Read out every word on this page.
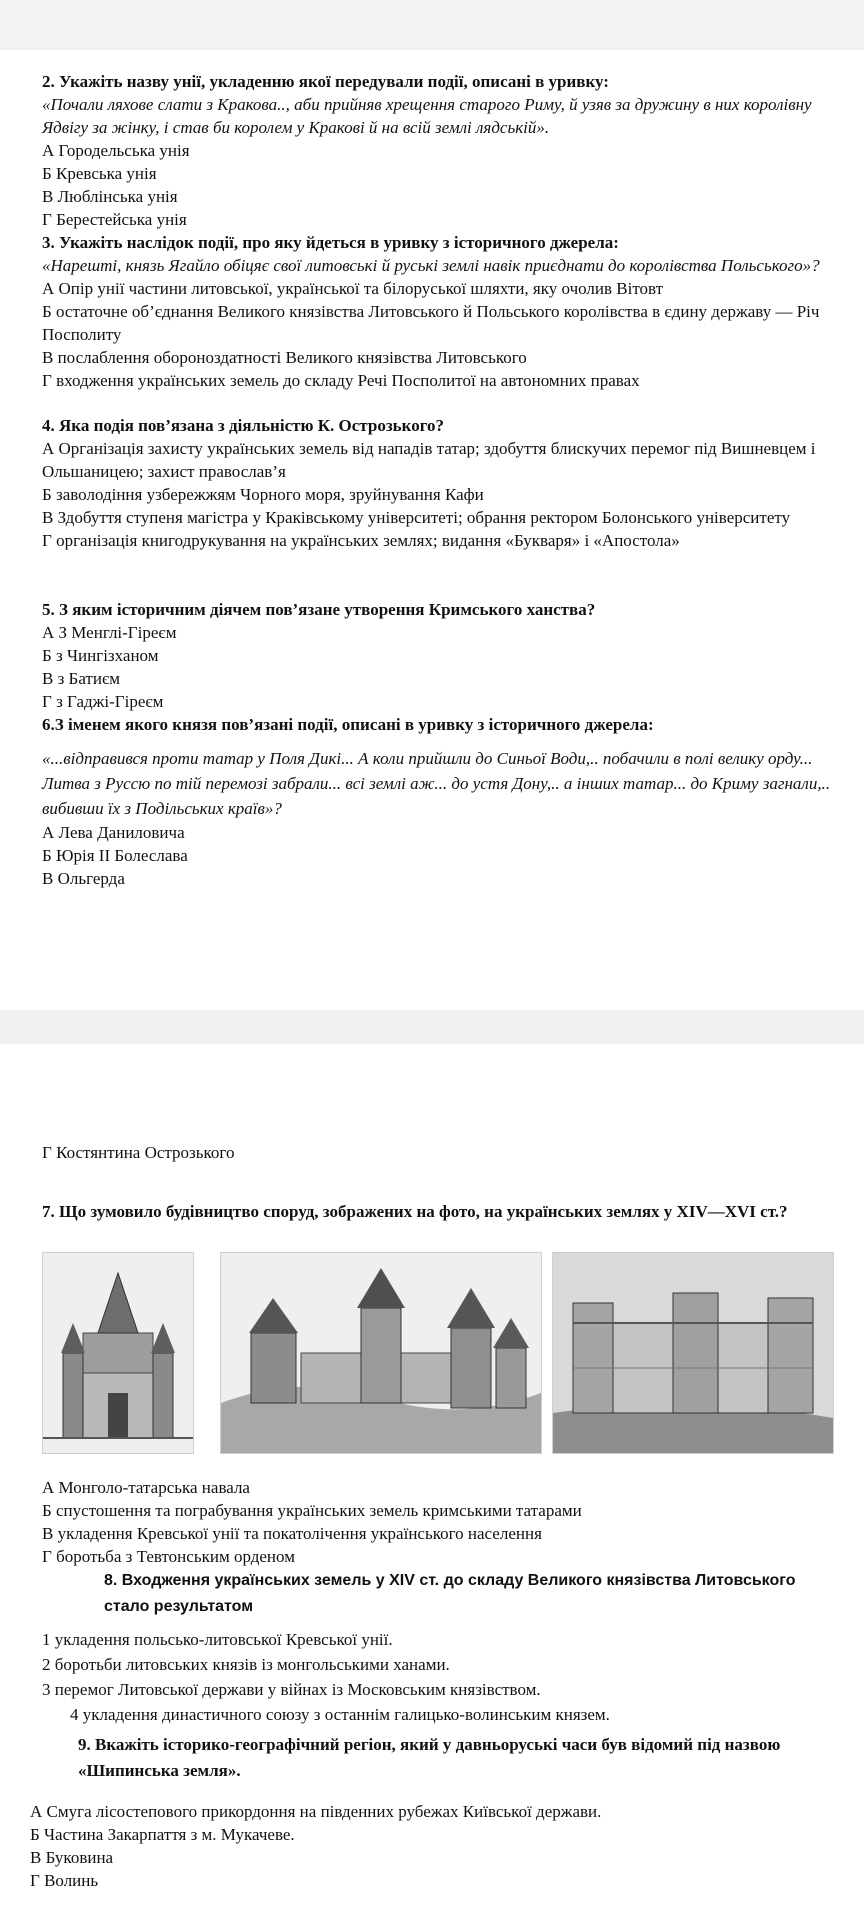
2. Укажіть назву унії, укладенню якої передували події, описані в уривку:
«Почали ляхове слати з Кракова.., аби прийняв хрещення старого Риму, й узяв за дружину в них королівну Ядвігу за жінку, і став би королем у Кракові й на всій землі лядській».
А Городельська унія
Б Кревська унія
В Люблінська унія
Г Берестейська унія
3. Укажіть наслідок події, про яку йдеться в уривку з історичного джерела:
«Нарешті, князь Ягайло обіцяє свої литовські й руські землі навік приєднати до королівства Польського»?
А Опір унії частини литовської, української та білоруської шляхти, яку очолив Вітовт
Б остаточне об’єднання Великого князівства Литовського й Польського королівства в єдину державу — Річ Посполиту
В послаблення обороноздатності Великого князівства Литовського
Г входження українських земель до складу Речі Посполитої на автономних правах
4. Яка подія пов’язана з діяльністю К. Острозького?
А Організація захисту українських земель від нападів татар; здобуття блискучих перемог під Вишневцем і Ольшаницею; захист православ’я
Б заволодіння узбережжям Чорного моря, зруйнування Кафи
В Здобуття ступеня магістра у Краківському університеті; обрання ректором Болонського університету
Г організація книгодрукування на українських землях; видання «Букваря» і «Апостола»
5. З яким історичним діячем пов’язане утворення Кримського ханства?
А З Менглі-Гіреєм
Б з Чингізханом
В з Батиєм
Г з Гаджі-Гіреєм
6.З іменем якого князя пов’язані події, описані в уривку з історичного джерела:
«...відправився проти татар у Поля Дикі... А коли прийшли до Синьої Води,.. побачили в полі велику орду... Литва з Руссю по тій перемозі забрали... всі землі аж... до устя Дону,.. а інших татар... до Криму загнали,.. вибивши їх з Подільських країв»?
А Лева Даниловича
Б Юрія II Болеслава
В Ольгерда
Г Костянтина Острозького
7. Що зумовило будівництво споруд, зображених на фото, на українських землях у XIV—XVI ст.?
А Монголо-татарська навала
Б спустошення та пограбування українських земель кримськими татарами
В укладення Кревської унії та покатолічення українського населення
Г боротьба з Тевтонським орденом
8. Входження українських земель у XIV ст. до складу Великого князівства Литовського стало результатом
1 укладення польсько-литовської Кревської унії.
2 боротьби литовських князів із монгольськими ханами.
3 перемог Литовської держави у війнах із Московським князівством.
4 укладення династичного союзу з останнім галицько-волинським князем.
9. Вкажіть історико-географічний регіон, який у давньоруські часи був відомий під назвою «Шипинська земля».
А Смуга лісостепового прикордоння на південних рубежах Київської держави.
Б Частина Закарпаття з м. Мукачеве.
В Буковина
Г Волинь
